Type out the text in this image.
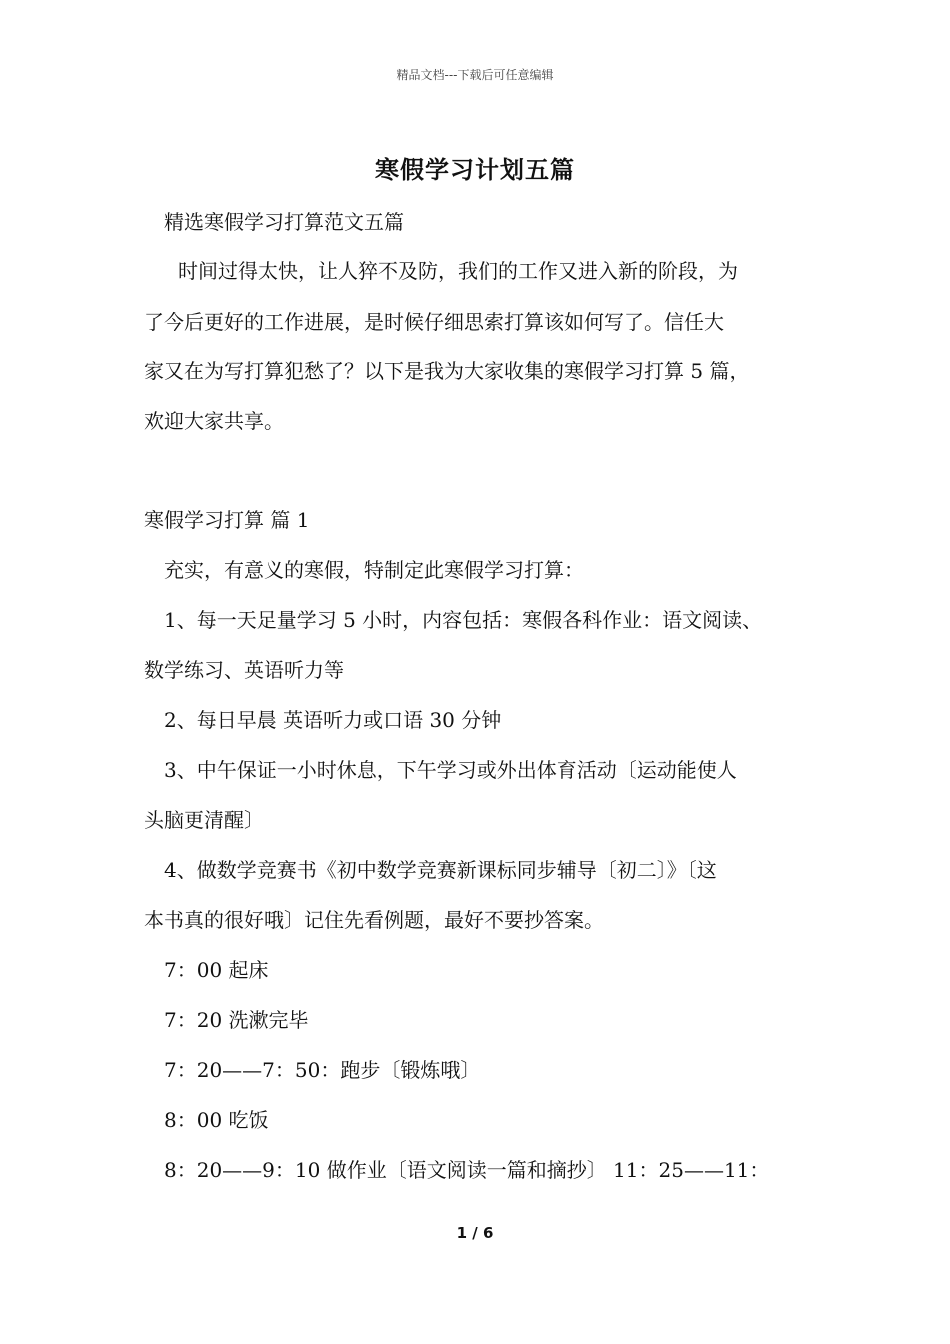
精品文档---下载后可任意编辑
寒假学习计划五篇
精选寒假学习打算范文五篇
时间过得太快，让人猝不及防，我们的工作又进入新的阶段，为
了今后更好的工作进展，是时候仔细思索打算该如何写了。信任大
家又在为写打算犯愁了？以下是我为大家收集的寒假学习打算 5 篇，
欢迎大家共享。
寒假学习打算 篇 1
充实，有意义的寒假，特制定此寒假学习打算：
1、每一天足量学习 5 小时，内容包括：寒假各科作业：语文阅读、
数学练习、英语听力等
2、每日早晨 英语听力或口语 30 分钟
3、中午保证一小时休息，下午学习或外出体育活动〔运动能使人
头脑更清醒〕
4、做数学竞赛书《初中数学竞赛新课标同步辅导〔初二〕》〔这
本书真的很好哦〕记住先看例题，最好不要抄答案。
7：00 起床
7：20 洗漱完毕
7：20——7：50：跑步〔锻炼哦〕
8：00 吃饭
8：20——9：10 做作业〔语文阅读一篇和摘抄〕 11：25——11：
1 / 6
